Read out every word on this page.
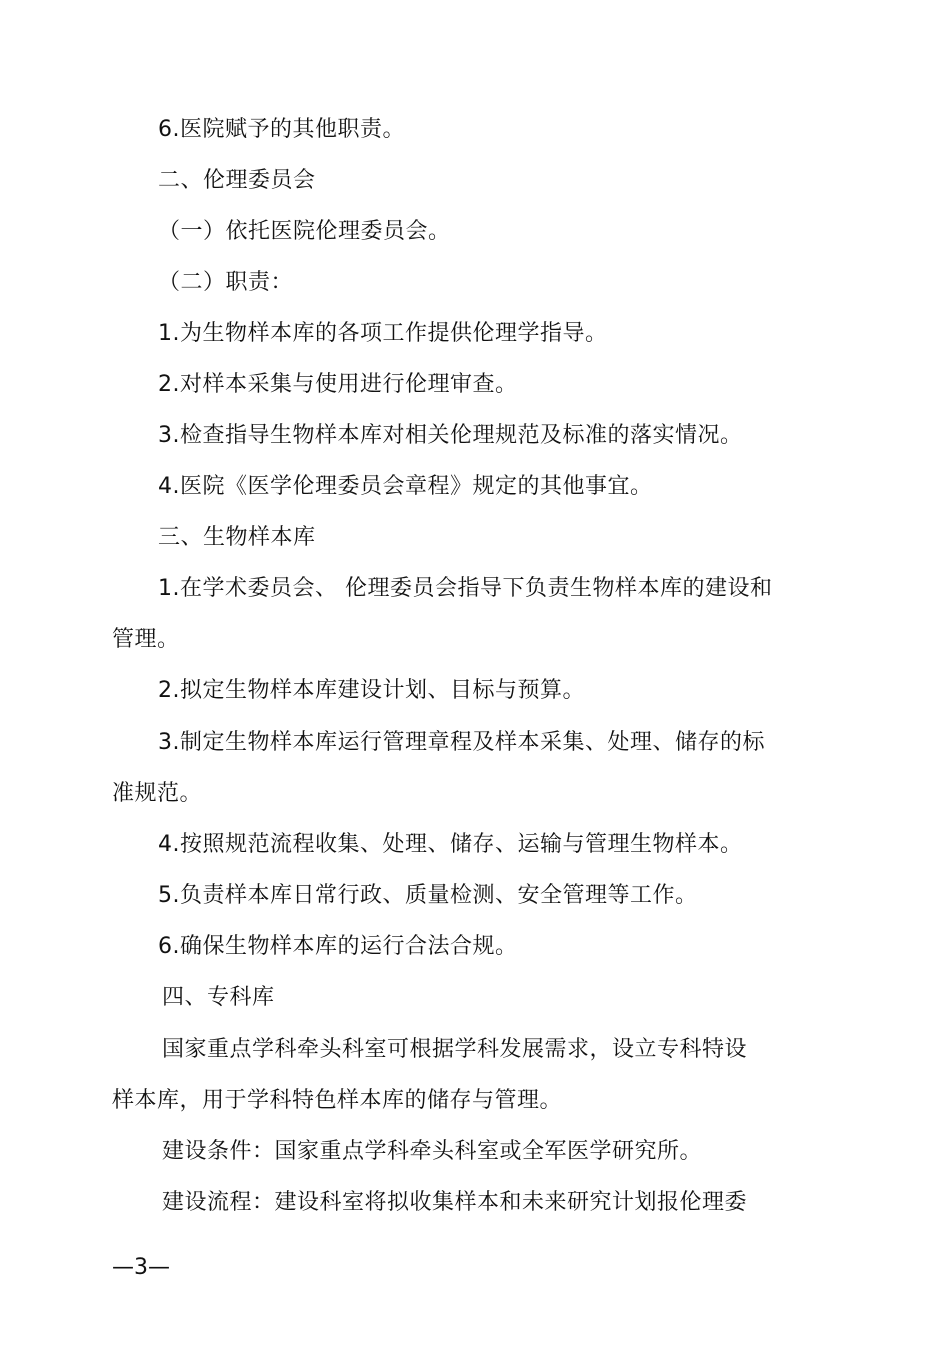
6.医院赋予的其他职责。
二、伦理委员会
（一）依托医院伦理委员会。
（二）职责：
1.为生物样本库的各项工作提供伦理学指导。
2.对样本采集与使用进行伦理审查。
3.检查指导生物样本库对相关伦理规范及标准的落实情况。
4.医院《医学伦理委员会章程》规定的其他事宜。
三、生物样本库
1.在学术委员会、 伦理委员会指导下负责生物样本库的建设和
管理。
2.拟定生物样本库建设计划、目标与预算。
3.制定生物样本库运行管理章程及样本采集、处理、储存的标
准规范。
4.按照规范流程收集、处理、储存、运输与管理生物样本。
5.负责样本库日常行政、质量检测、安全管理等工作。
6.确保生物样本库的运行合法合规。
四、专科库
国家重点学科牵头科室可根据学科发展需求，设立专科特设
样本库，用于学科特色样本库的储存与管理。
建设条件：国家重点学科牵头科室或全军医学研究所。
建设流程：建设科室将拟收集样本和未来研究计划报伦理委
—3—
